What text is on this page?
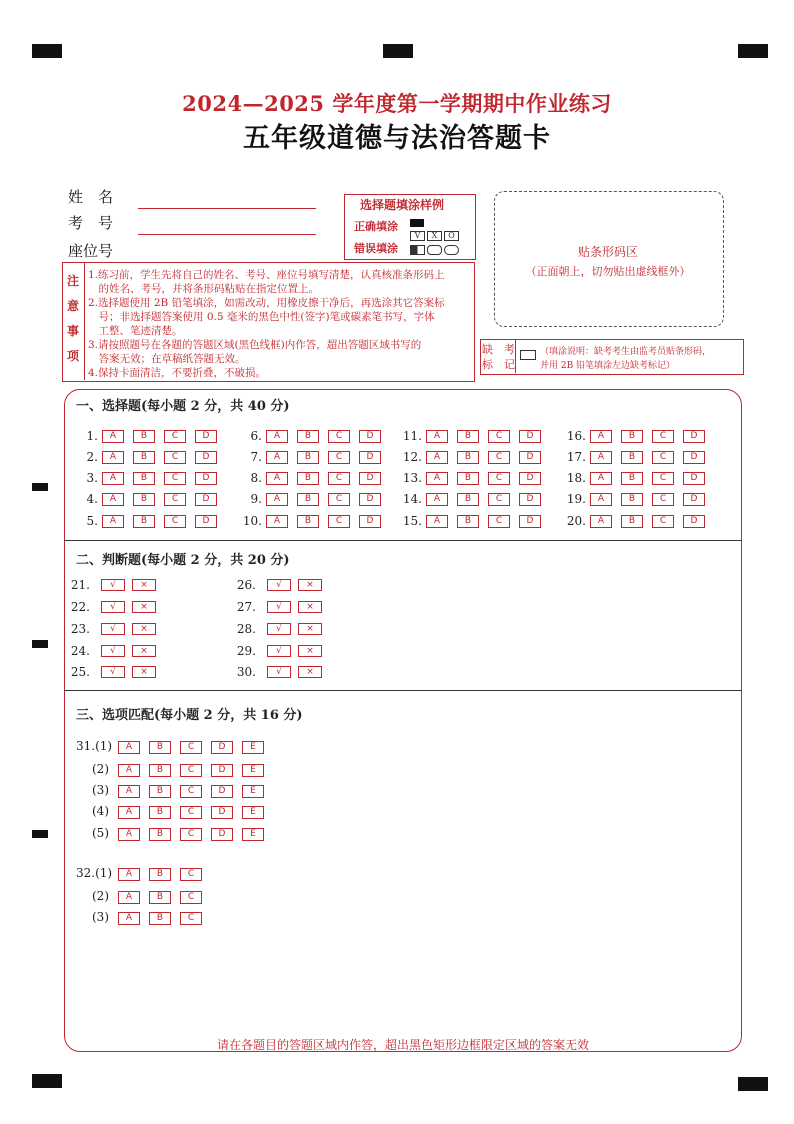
2024—2025 学年度第一学期期中作业练习
五年级道德与法治答题卡
姓　名
考　号
座位号
选择题填涂样例
正确填涂
错误填涂
V	X	O
贴条形码区
（正面朝上，切勿贴出虚线框外）
注
意
事
项
1.练习前，学生先将自己的姓名、考号、座位号填写清楚，认真核准条形码上
　的姓名、考号，并将条形码粘贴在指定位置上。
2.选择题使用 2B 铅笔填涂，如需改动，用橡皮擦干净后，再选涂其它答案标
　号；非选择题答案使用 0.5 毫米的黑色中性(签字)笔或碳素笔书写，字体
　工整、笔迹清楚。
3.请按照题号在各题的答题区域(黑色线框)内作答，超出答题区域书写的
　答案无效；在草稿纸答题无效。
4.保持卡面清洁，不要折叠，不破损。
缺　考
标　记
（填涂说明：缺考考生由监考员贴条形码，
并用 2B 铅笔填涂左边缺考标记）
一、选择题(每小题 2 分，共 40 分)
1.	A	B	C	D
2.	A	B	C	D
3.	A	B	C	D
4.	A	B	C	D
5.	A	B	C	D
6.	A	B	C	D
7.	A	B	C	D
8.	A	B	C	D
9.	A	B	C	D
10.	A	B	C	D
11.	A	B	C	D
12.	A	B	C	D
13.	A	B	C	D
14.	A	B	C	D
15.	A	B	C	D
16.	A	B	C	D
17.	A	B	C	D
18.	A	B	C	D
19.	A	B	C	D
20.	A	B	C	D
二、判断题(每小题 2 分，共 20 分)
21.	√	×
22.	√	×
23.	√	×
24.	√	×
25.	√	×
26.	√	×
27.	√	×
28.	√	×
29.	√	×
30.	√	×
三、选项匹配(每小题 2 分，共 16 分)
31.(1)	A	B	C	D	E
(2)	A	B	C	D	E
(3)	A	B	C	D	E
(4)	A	B	C	D	E
(5)	A	B	C	D	E
32.(1)	A	B	C
(2)	A	B	C
(3)	A	B	C
请在各题目的答题区域内作答，超出黑色矩形边框限定区域的答案无效
